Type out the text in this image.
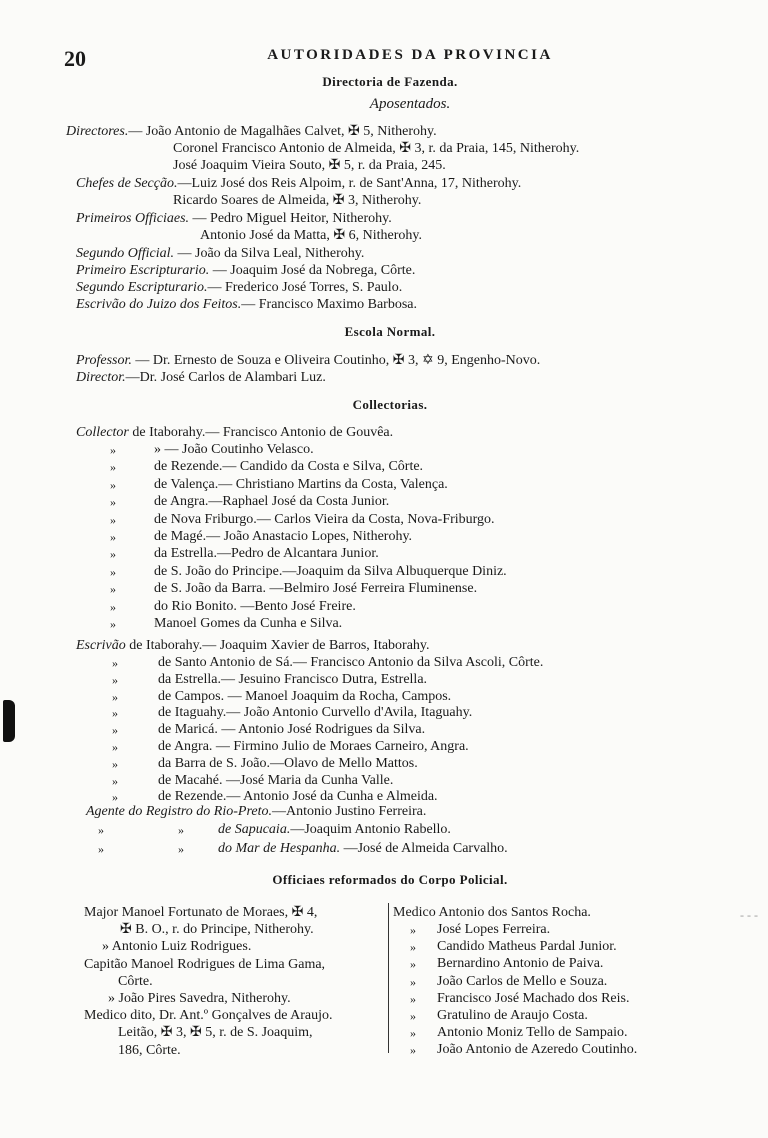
20	AUTORIDADES DA PROVINCIA
Directoria de Fazenda.
Aposentados.
Directores.— João Antonio de Magalhães Calvet, ✠ 5, Nitherohy.
Coronel Francisco Antonio de Almeida, ✠ 3, r. da Praia, 145, Nitherohy.
José Joaquim Vieira Souto, ✠ 5, r. da Praia, 245.
Chefes de Secção.—Luiz José dos Reis Alpoim, r. de Sant'Anna, 17, Nitherohy.
Ricardo Soares de Almeida, ✠ 3, Nitherohy.
Primeiros Officiaes. — Pedro Miguel Heitor, Nitherohy.
Antonio José da Matta, ✠ 6, Nitherohy.
Segundo Official. — João da Silva Leal, Nitherohy.
Primeiro Escripturario. — Joaquim José da Nobrega, Côrte.
Segundo Escripturario.— Frederico José Torres, S. Paulo.
Escrivão do Juizo dos Feitos.— Francisco Maximo Barbosa.
Escola Normal.
Professor. — Dr. Ernesto de Souza e Oliveira Coutinho, ✠ 3, ✡ 9, Engenho-Novo.
Director.—Dr. José Carlos de Alambari Luz.
Collectorias.
Collector de Itaborahy.— Francisco Antonio de Gouvêa.
»	» — João Coutinho Velasco.
»	de Rezende.— Candido da Costa e Silva, Côrte.
»	de Valença.— Christiano Martins da Costa, Valença.
»	de Angra.—Raphael José da Costa Junior.
»	de Nova Friburgo.— Carlos Vieira da Costa, Nova-Friburgo.
»	de Magé.— João Anastacio Lopes, Nitherohy.
»	da Estrella.—Pedro de Alcantara Junior.
»	de S. João do Principe.—Joaquim da Silva Albuquerque Diniz.
»	de S. João da Barra. —Belmiro José Ferreira Fluminense.
»	do Rio Bonito. —Bento José Freire.
»	Manoel Gomes da Cunha e Silva.
Escrivão de Itaborahy.— Joaquim Xavier de Barros, Itaborahy.
»	de Santo Antonio de Sá.— Francisco Antonio da Silva Ascoli, Côrte.
»	da Estrella.— Jesuino Francisco Dutra, Estrella.
»	de Campos. — Manoel Joaquim da Rocha, Campos.
»	de Itaguahy.— João Antonio Curvello d'Avila, Itaguahy.
»	de Maricá. — Antonio José Rodrigues da Silva.
»	de Angra. — Firmino Julio de Moraes Carneiro, Angra.
»	da Barra de S. João.—Olavo de Mello Mattos.
»	de Macahé. —José Maria da Cunha Valle.
»	de Rezende.— Antonio José da Cunha e Almeida.
Agente do Registro do Rio-Preto.—Antonio Justino Ferreira.
»	» de Sapucaia.—Joaquim Antonio Rabello.
»	» do Mar de Hespanha. —José de Almeida Carvalho.
Officiaes reformados do Corpo Policial.
Major Manoel Fortunato de Moraes, ✠ 4,
✠ B. O., r. do Principe, Nitherohy.
» Antonio Luiz Rodrigues.
Capitão Manoel Rodrigues de Lima Gama,
Côrte.
» João Pires Savedra, Nitherohy.
Medico dito, Dr. Ant.º Gonçalves de Araujo.
Leitão, ✠ 3, ✠ 5, r. de S. Joaquim,
186, Côrte.
Medico Antonio dos Santos Rocha.
» José Lopes Ferreira.
» Candido Matheus Pardal Junior.
» Bernardino Antonio de Paiva.
» João Carlos de Mello e Souza.
» Francisco José Machado dos Reis.
» Gratulino de Araujo Costa.
» Antonio Moniz Tello de Sampaio.
» João Antonio de Azeredo Coutinho.
- - -
